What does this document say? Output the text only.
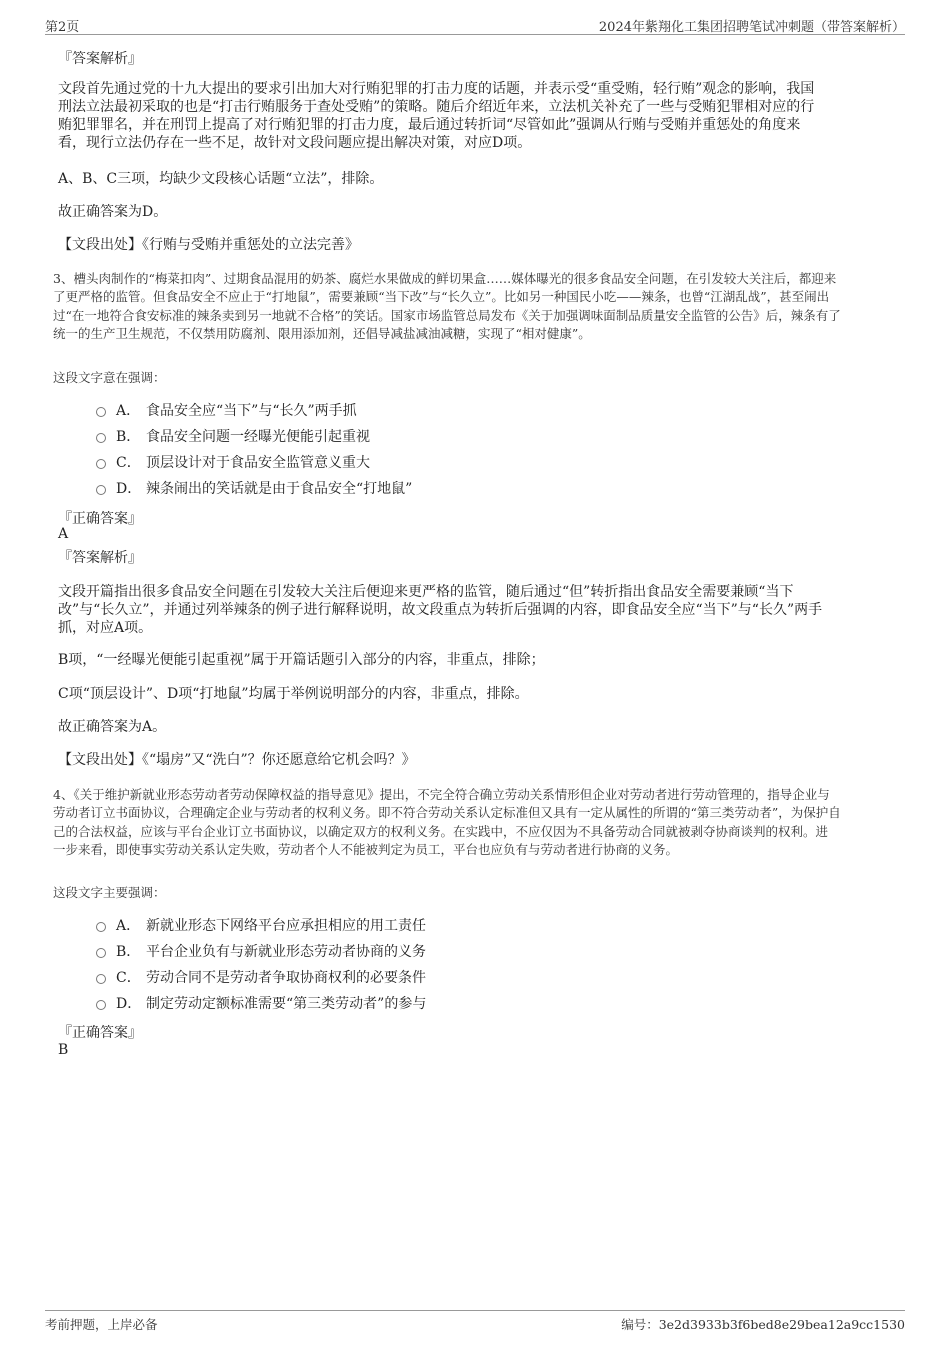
第2页	2024年紫翔化工集团招聘笔试冲刺题（带答案解析）
『答案解析』
文段首先通过党的十九大提出的要求引出加大对行贿犯罪的打击力度的话题，并表示受“重受贿，轻行贿”观念的影响，我国
刑法立法最初采取的也是“打击行贿服务于查处受贿”的策略。随后介绍近年来，立法机关补充了一些与受贿犯罪相对应的行
贿犯罪罪名，并在刑罚上提高了对行贿犯罪的打击力度，最后通过转折词“尽管如此”强调从行贿与受贿并重惩处的角度来
看，现行立法仍存在一些不足，故针对文段问题应提出解决对策，对应D项。
A、B、C三项，均缺少文段核心话题“立法”，排除。
故正确答案为D。
【文段出处】《行贿与受贿并重惩处的立法完善》
3、槽头肉制作的“梅菜扣肉”、过期食品混用的奶茶、腐烂水果做成的鲜切果盒……媒体曝光的很多食品安全问题，在引发较大关注后，都迎来
了更严格的监管。但食品安全不应止于“打地鼠”，需要兼顾“当下改”与“长久立”。比如另一种国民小吃——辣条，也曾“江湖乱战”，甚至闹出
过“在一地符合食安标准的辣条卖到另一地就不合格”的笑话。国家市场监管总局发布《关于加强调味面制品质量安全监管的公告》后，辣条有了
统一的生产卫生规范，不仅禁用防腐剂、限用添加剂，还倡导减盐减油减糖，实现了“相对健康”。
这段文字意在强调：
A． 食品安全应“当下”与“长久”两手抓
B． 食品安全问题一经曝光便能引起重视
C． 顶层设计对于食品安全监管意义重大
D． 辣条闹出的笑话就是由于食品安全“打地鼠”
『正确答案』
A
『答案解析』
文段开篇指出很多食品安全问题在引发较大关注后便迎来更严格的监管，随后通过“但”转折指出食品安全需要兼顾“当下
改”与“长久立”，并通过列举辣条的例子进行解释说明，故文段重点为转折后强调的内容，即食品安全应“当下”与“长久”两手
抓，对应A项。
B项，“一经曝光便能引起重视”属于开篇话题引入部分的内容，非重点，排除；
C项“顶层设计”、D项“打地鼠”均属于举例说明部分的内容，非重点，排除。
故正确答案为A。
【文段出处】《“塌房”又“洗白”？你还愿意给它机会吗？》
4、《关于维护新就业形态劳动者劳动保障权益的指导意见》提出，不完全符合确立劳动关系情形但企业对劳动者进行劳动管理的，指导企业与
劳动者订立书面协议，合理确定企业与劳动者的权利义务。即不符合劳动关系认定标准但又具有一定从属性的所谓的“第三类劳动者”，为保护自
己的合法权益，应该与平台企业订立书面协议，以确定双方的权利义务。在实践中，不应仅因为不具备劳动合同就被剥夺协商谈判的权利。进
一步来看，即使事实劳动关系认定失败，劳动者个人不能被判定为员工，平台也应负有与劳动者进行协商的义务。
这段文字主要强调：
A． 新就业形态下网络平台应承担相应的用工责任
B． 平台企业负有与新就业形态劳动者协商的义务
C． 劳动合同不是劳动者争取协商权利的必要条件
D． 制定劳动定额标准需要“第三类劳动者”的参与
『正确答案』
B
考前押题，上岸必备	编号：3e2d3933b3f6bed8e29bea12a9cc1530
